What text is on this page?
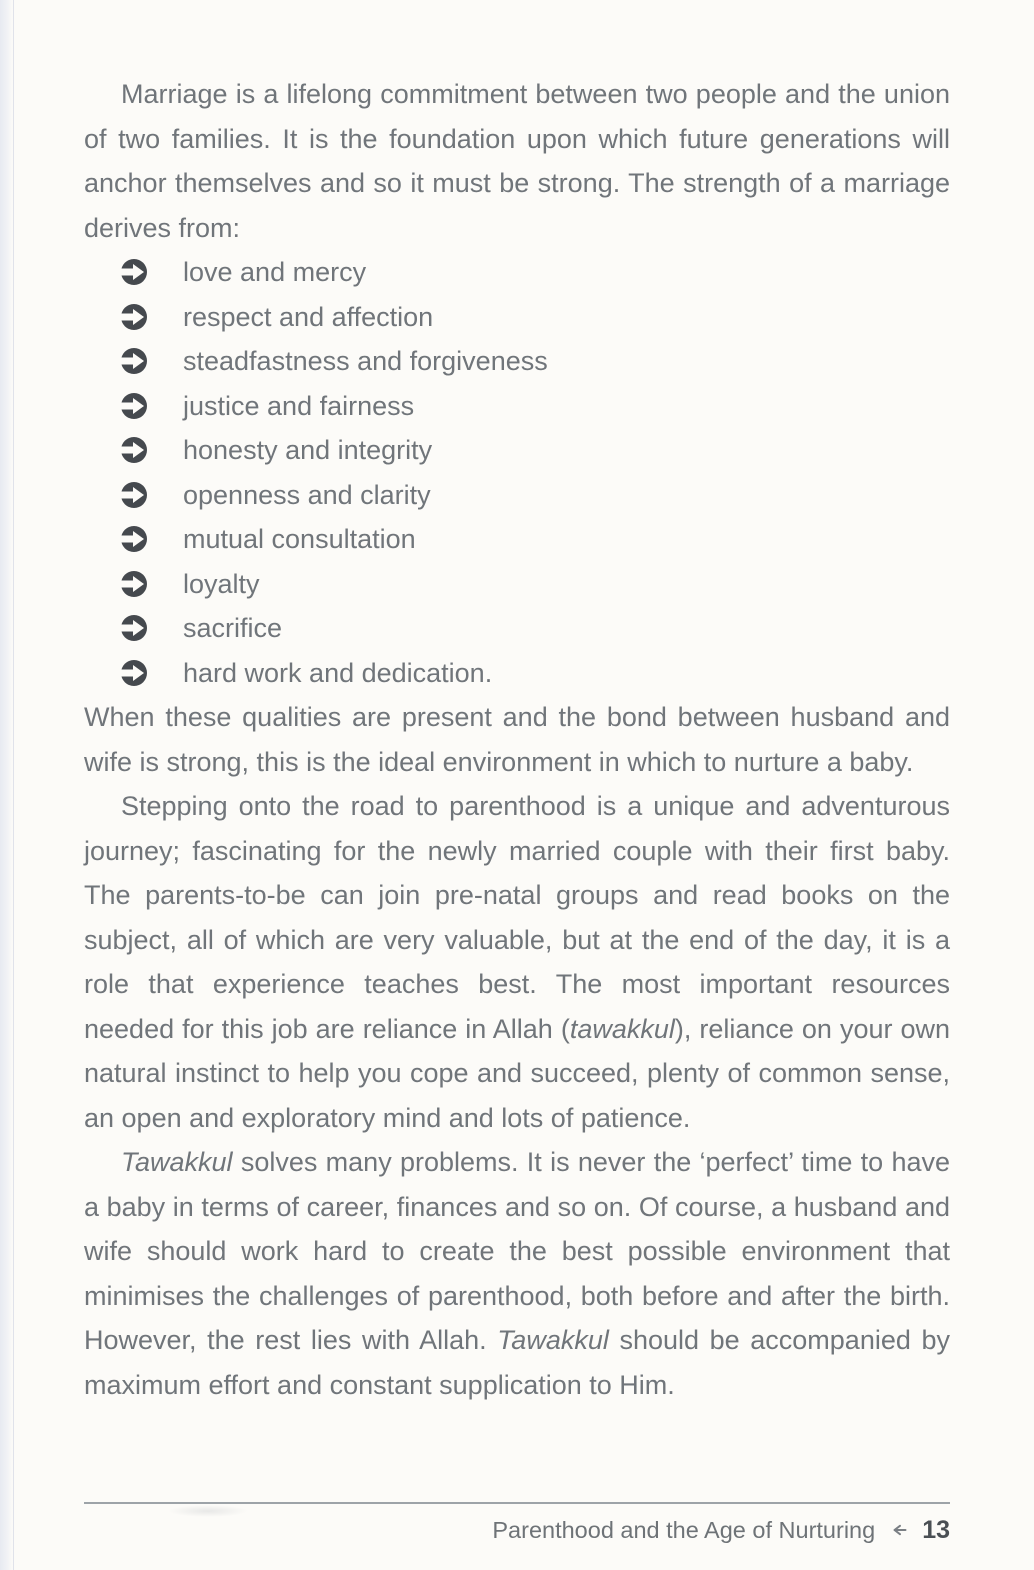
Marriage is a lifelong commitment between two people and the union of two families. It is the foundation upon which future generations will anchor themselves and so it must be strong. The strength of a marriage derives from:

love and mercy
respect and affection
steadfastness and forgiveness
justice and fairness
honesty and integrity
openness and clarity
mutual consultation
loyalty
sacrifice
hard work and dedication.

When these qualities are present and the bond between husband and wife is strong, this is the ideal environment in which to nurture a baby.

Stepping onto the road to parenthood is a unique and adventurous journey; fascinating for the newly married couple with their first baby. The parents-to-be can join pre-natal groups and read books on the subject, all of which are very valuable, but at the end of the day, it is a role that experience teaches best. The most important resources needed for this job are reliance in Allah (tawakkul), reliance on your own natural instinct to help you cope and succeed, plenty of common sense, an open and exploratory mind and lots of patience.

Tawakkul solves many problems. It is never the ‘perfect’ time to have a baby in terms of career, finances and so on. Of course, a husband and wife should work hard to create the best possible environment that minimises the challenges of parenthood, both before and after the birth. However, the rest lies with Allah. Tawakkul should be accompanied by maximum effort and constant supplication to Him.

Parenthood and the Age of Nurturing 13
